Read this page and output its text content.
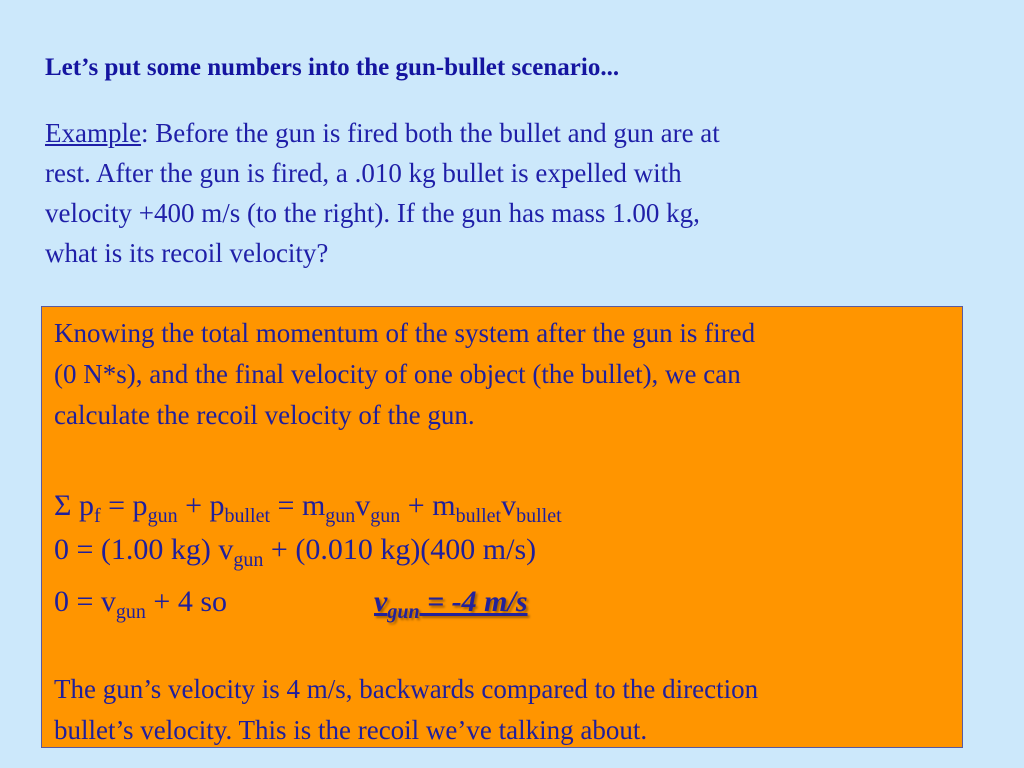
Let’s put some numbers into the gun-bullet scenario...
Example: Before the gun is fired both the bullet and gun are at
rest. After the gun is fired, a .010 kg bullet is expelled with
velocity +400 m/s (to the right). If the gun has mass 1.00 kg,
what is its recoil velocity?
Knowing the total momentum of the system after the gun is fired
(0 N*s), and the final velocity of one object (the bullet), we can
calculate the recoil velocity of the gun.
Σ $p_f = p_{gun} + p_{bullet} = m_{gun}v_{gun} + m_{bullet}v_{bullet}$
0 = (1.00 kg) $v_{gun} + (0.010$ kg)(400 m/s)
$0 = v_{gun} + 4$ so	$v_{gun} = -4$ m/s
The gun’s velocity is 4 m/s, backwards compared to the direction
bullet’s velocity. This is the recoil we’ve talking about.
